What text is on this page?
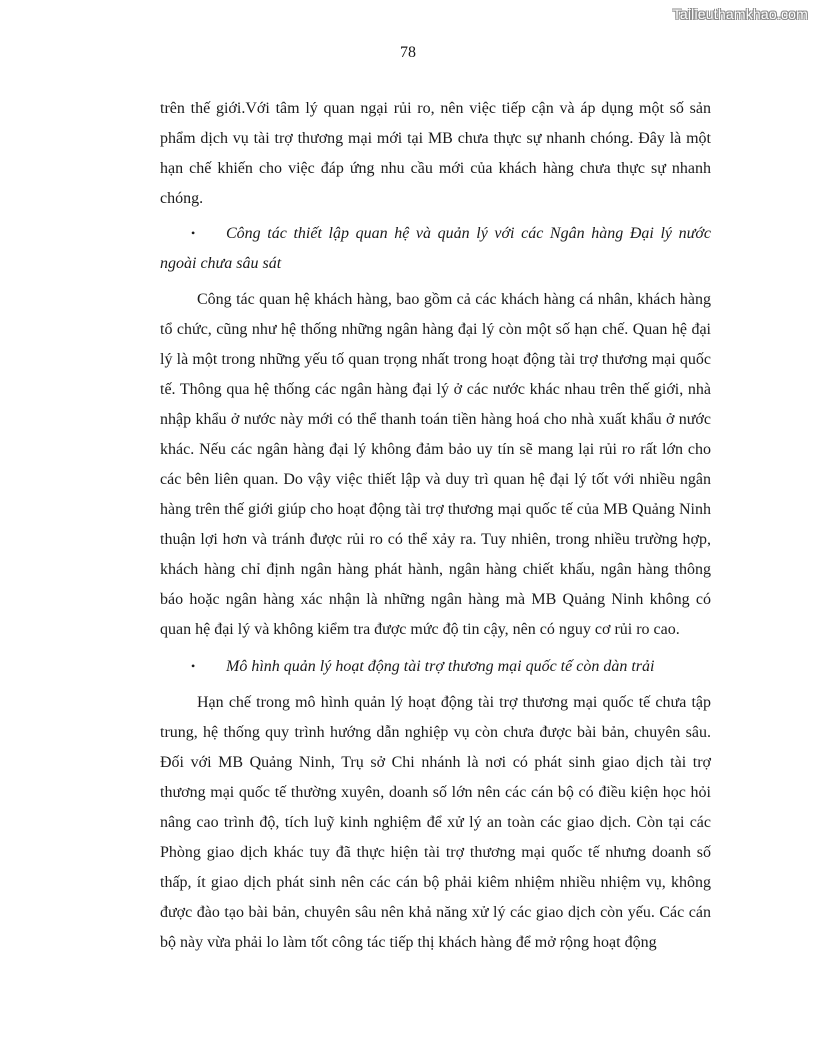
Tailieuthamkhao.com
78

trên thế giới.Với tâm lý quan ngại rủi ro, nên việc tiếp cận và áp dụng một số sản phẩm dịch vụ tài trợ thương mại mới tại MB chưa thực sự nhanh chóng. Đây là một hạn chế khiến cho việc đáp ứng nhu cầu mới của khách hàng chưa thực sự nhanh chóng.

•Công tác thiết lập quan hệ và quản lý với các Ngân hàng Đại lý nước ngoài chưa sâu sát

Công tác quan hệ khách hàng, bao gồm cả các khách hàng cá nhân, khách hàng tổ chức, cũng như hệ thống những ngân hàng đại lý còn một số hạn chế. Quan hệ đại lý là một trong những yếu tố quan trọng nhất trong hoạt động tài trợ thương mại quốc tế. Thông qua hệ thống các ngân hàng đại lý ở các nước khác nhau trên thế giới, nhà nhập khẩu ở nước này mới có thể thanh toán tiền hàng hoá cho nhà xuất khẩu ở nước khác. Nếu các ngân hàng đại lý không đảm bảo uy tín sẽ mang lại rủi ro rất lớn cho các bên liên quan. Do vậy việc thiết lập và duy trì quan hệ đại lý tốt với nhiều ngân hàng trên thế giới giúp cho hoạt động tài trợ thương mại quốc tế của MB Quảng Ninh thuận lợi hơn và tránh được rủi ro có thể xảy ra. Tuy nhiên, trong nhiều trường hợp, khách hàng chỉ định ngân hàng phát hành, ngân hàng chiết khấu, ngân hàng thông báo hoặc ngân hàng xác nhận là những ngân hàng mà MB Quảng Ninh không có quan hệ đại lý và không kiểm tra được mức độ tin cậy, nên có nguy cơ rủi ro cao.

•Mô hình quản lý hoạt động tài trợ thương mại quốc tế còn dàn trải

Hạn chế trong mô hình quản lý hoạt động tài trợ thương mại quốc tế chưa tập trung, hệ thống quy trình hướng dẫn nghiệp vụ còn chưa được bài bản, chuyên sâu. Đối với MB Quảng Ninh, Trụ sở Chi nhánh là nơi có phát sinh giao dịch tài trợ thương mại quốc tế thường xuyên, doanh số lớn nên các cán bộ có điều kiện học hỏi nâng cao trình độ, tích luỹ kinh nghiệm để xử lý an toàn các giao dịch. Còn tại các Phòng giao dịch khác tuy đã thực hiện tài trợ thương mại quốc tế nhưng doanh số thấp, ít giao dịch phát sinh nên các cán bộ phải kiêm nhiệm nhiều nhiệm vụ, không được đào tạo bài bản, chuyên sâu nên khả năng xử lý các giao dịch còn yếu. Các cán bộ này vừa phải lo làm tốt công tác tiếp thị khách hàng để mở rộng hoạt động
